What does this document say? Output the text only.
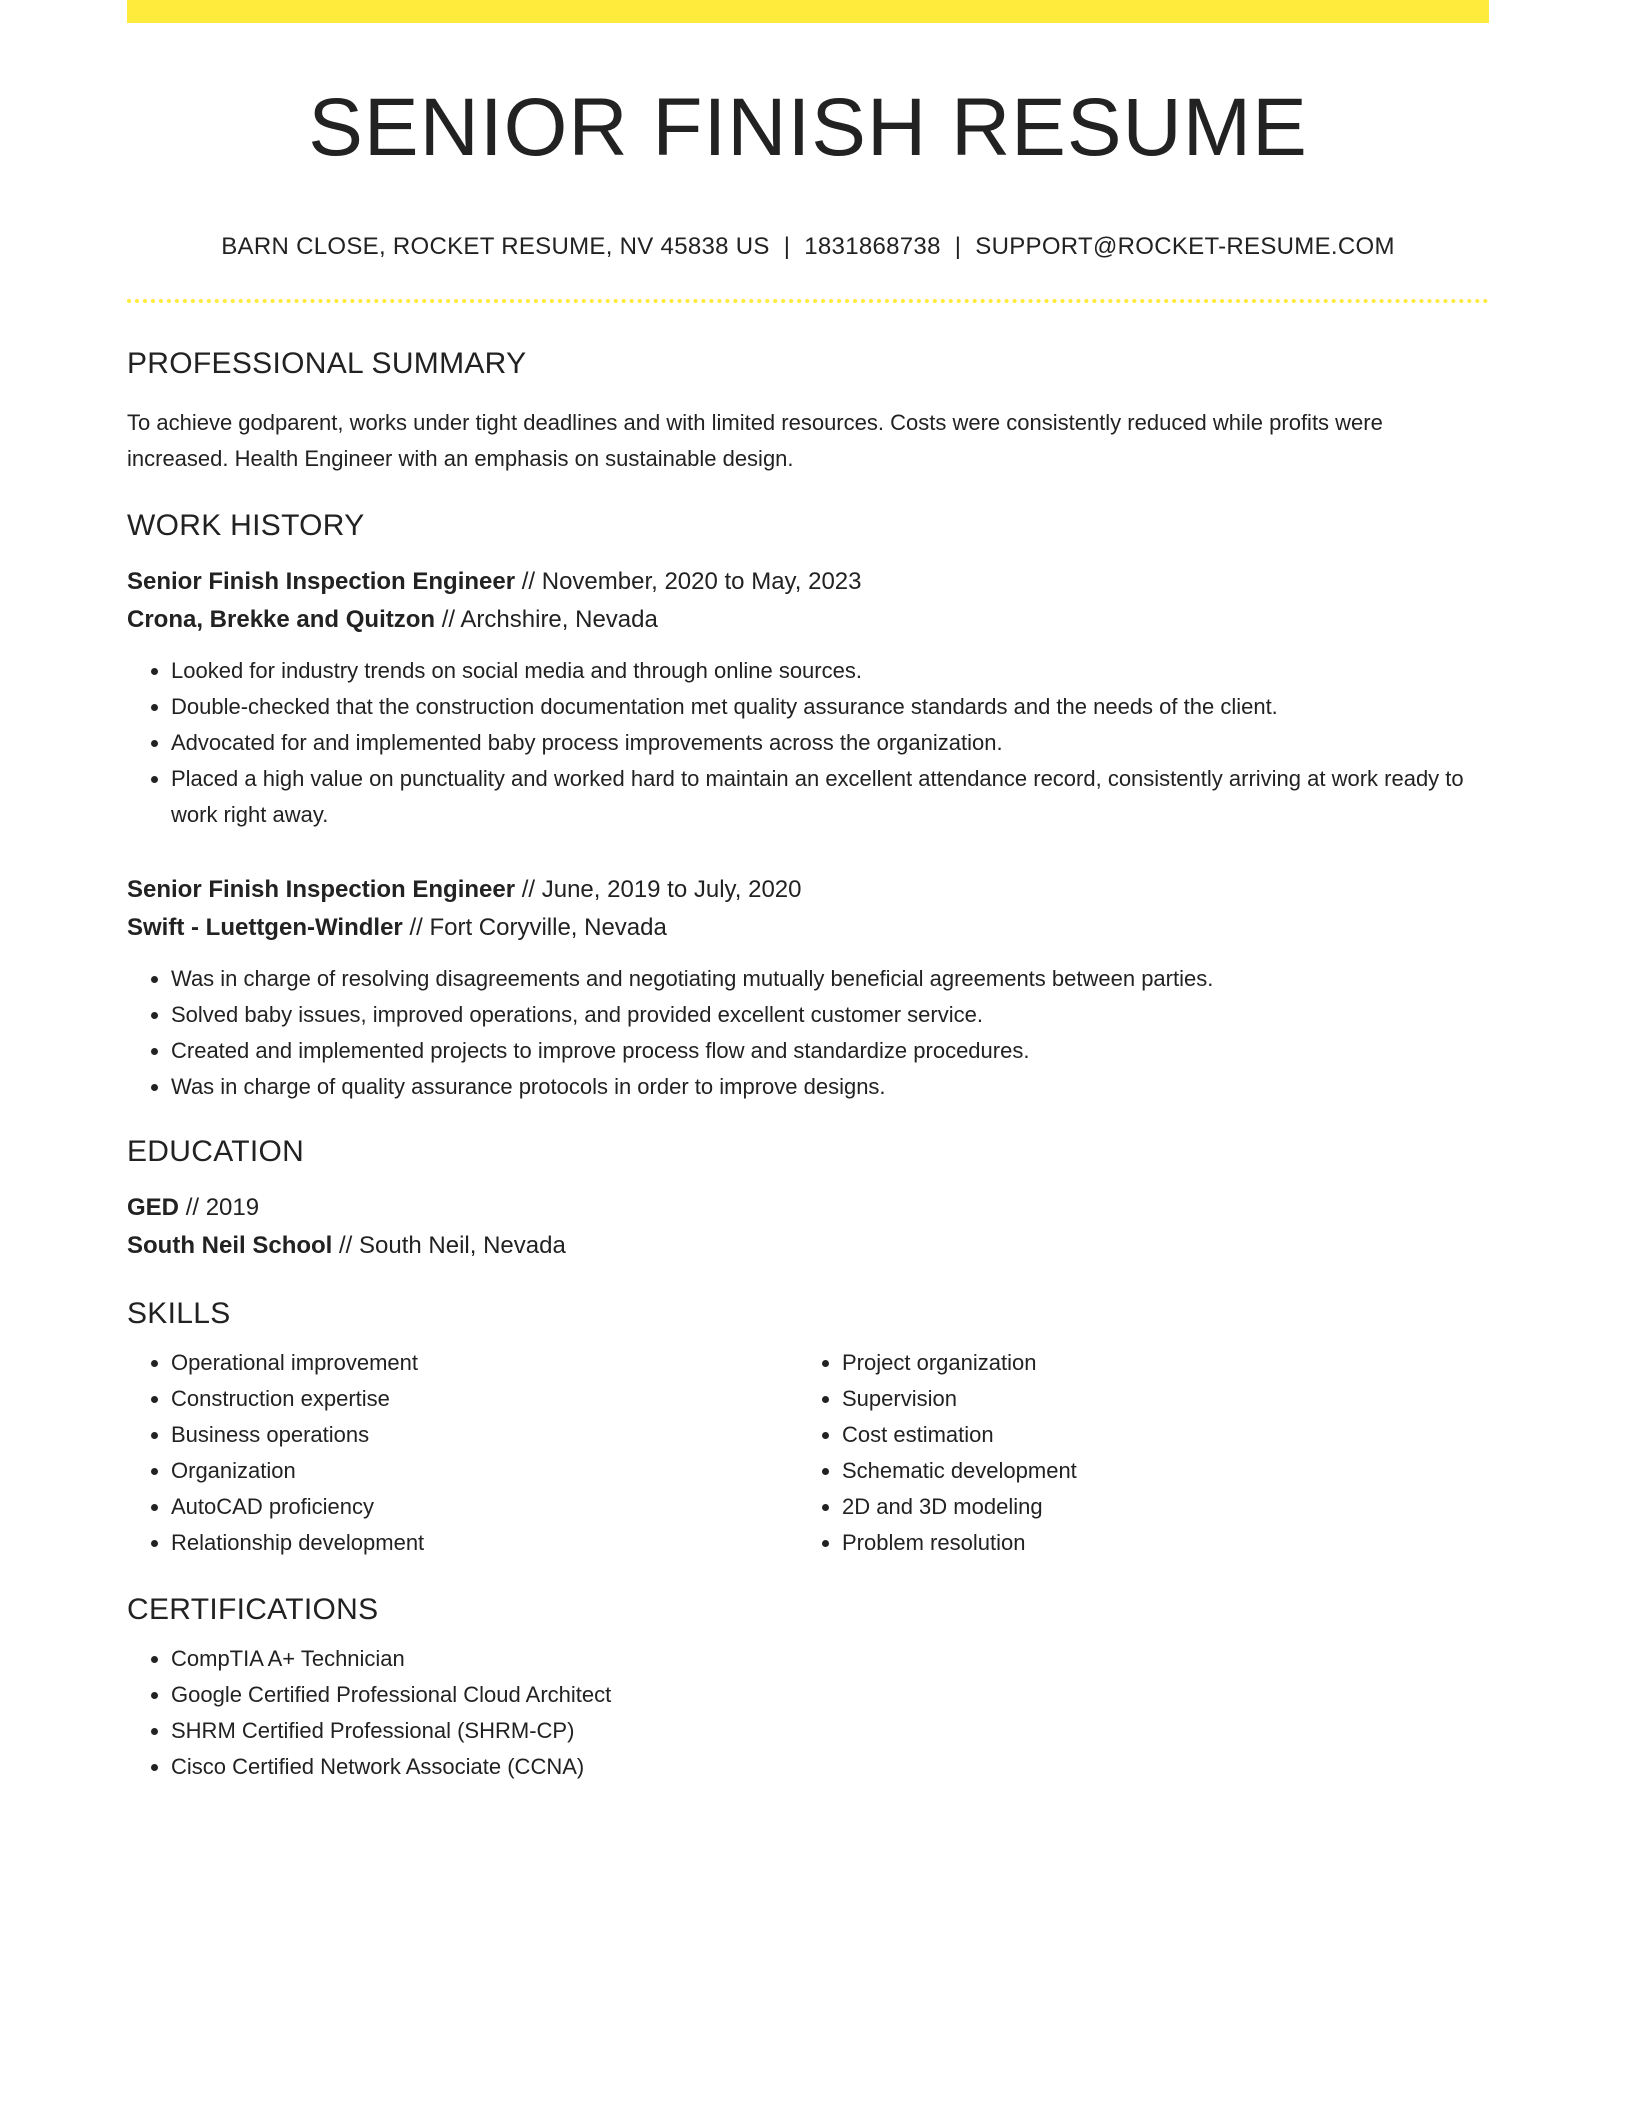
SENIOR FINISH RESUME
BARN CLOSE, ROCKET RESUME, NV 45838 US | 1831868738 | SUPPORT@ROCKET-RESUME.COM
PROFESSIONAL SUMMARY
To achieve godparent, works under tight deadlines and with limited resources. Costs were consistently reduced while profits were increased. Health Engineer with an emphasis on sustainable design.
WORK HISTORY
Senior Finish Inspection Engineer // November, 2020 to May, 2023
Crona, Brekke and Quitzon // Archshire, Nevada
• Looked for industry trends on social media and through online sources.
• Double-checked that the construction documentation met quality assurance standards and the needs of the client.
• Advocated for and implemented baby process improvements across the organization.
• Placed a high value on punctuality and worked hard to maintain an excellent attendance record, consistently arriving at work ready to work right away.
Senior Finish Inspection Engineer // June, 2019 to July, 2020
Swift - Luettgen-Windler // Fort Coryville, Nevada
• Was in charge of resolving disagreements and negotiating mutually beneficial agreements between parties.
• Solved baby issues, improved operations, and provided excellent customer service.
• Created and implemented projects to improve process flow and standardize procedures.
• Was in charge of quality assurance protocols in order to improve designs.
EDUCATION
GED // 2019
South Neil School // South Neil, Nevada
SKILLS
• Operational improvement
• Construction expertise
• Business operations
• Organization
• AutoCAD proficiency
• Relationship development
• Project organization
• Supervision
• Cost estimation
• Schematic development
• 2D and 3D modeling
• Problem resolution
CERTIFICATIONS
• CompTIA A+ Technician
• Google Certified Professional Cloud Architect
• SHRM Certified Professional (SHRM-CP)
• Cisco Certified Network Associate (CCNA)
